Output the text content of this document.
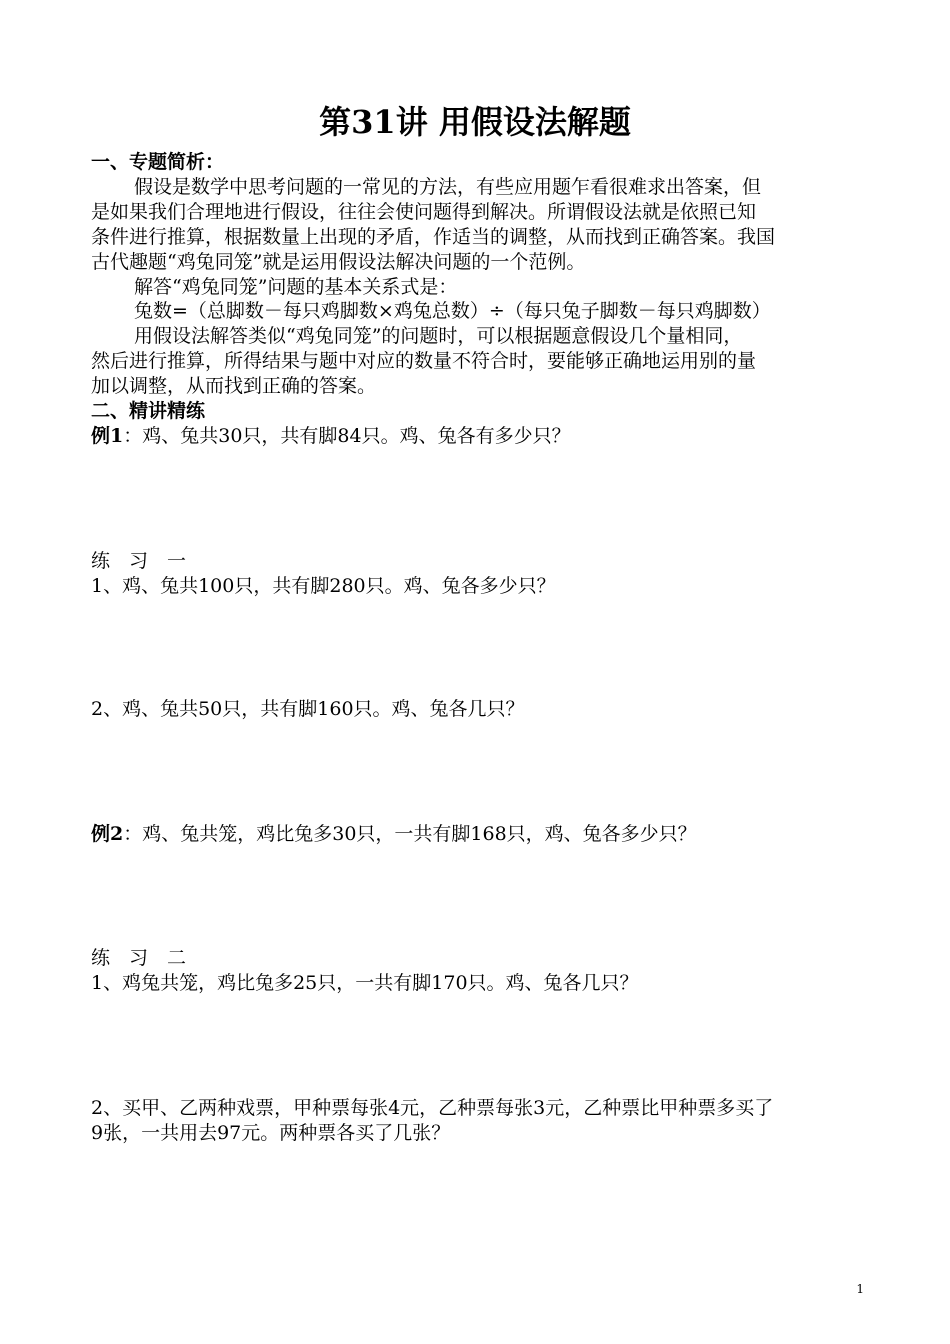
第31讲 用假设法解题
一、专题简析：
假设是数学中思考问题的一常见的方法，有些应用题乍看很难求出答案，但
是如果我们合理地进行假设，往往会使问题得到解决。所谓假设法就是依照已知
条件进行推算，根据数量上出现的矛盾，作适当的调整，从而找到正确答案。我国
古代趣题“鸡兔同笼”就是运用假设法解决问题的一个范例。
解答“鸡兔同笼”问题的基本关系式是：
兔数=（总脚数－每只鸡脚数×鸡兔总数）÷（每只兔子脚数－每只鸡脚数）
用假设法解答类似“鸡兔同笼”的问题时，可以根据题意假设几个量相同，
然后进行推算，所得结果与题中对应的数量不符合时，要能够正确地运用别的量
加以调整，从而找到正确的答案。
二、精讲精练
例1：鸡、兔共30只，共有脚84只。鸡、兔各有多少只？
练　习　一
1、鸡、兔共100只，共有脚280只。鸡、兔各多少只？
2、鸡、兔共50只，共有脚160只。鸡、兔各几只？
例2：鸡、兔共笼，鸡比兔多30只，一共有脚168只，鸡、兔各多少只？
练　习　二
1、鸡兔共笼，鸡比兔多25只，一共有脚170只。鸡、兔各几只？
2、买甲、乙两种戏票，甲种票每张4元，乙种票每张3元，乙种票比甲种票多买了
9张，一共用去97元。两种票各买了几张？
1
